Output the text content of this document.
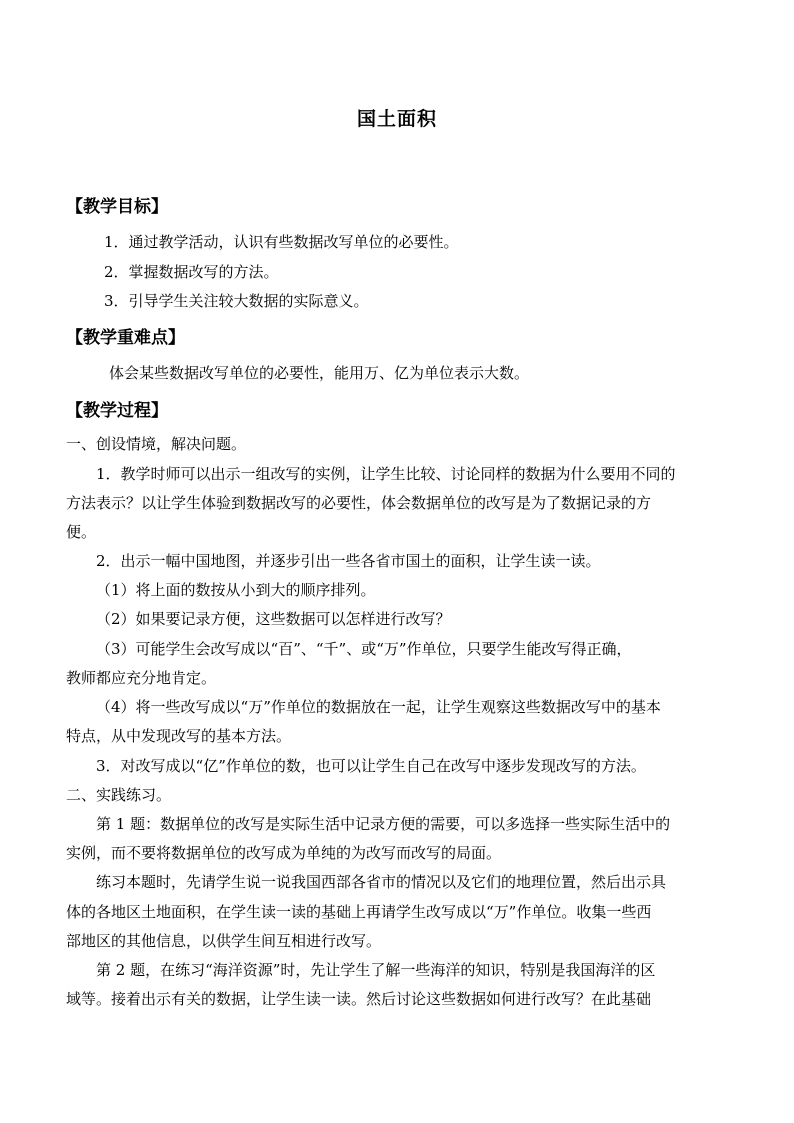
国土面积
【教学目标】
1．通过教学活动，认识有些数据改写单位的必要性。
2．掌握数据改写的方法。
3．引导学生关注较大数据的实际意义。
【教学重难点】
体会某些数据改写单位的必要性，能用万、亿为单位表示大数。
【教学过程】
一、创设情境，解决问题。
1．教学时师可以出示一组改写的实例，让学生比较、讨论同样的数据为什么要用不同的
方法表示？以让学生体验到数据改写的必要性，体会数据单位的改写是为了数据记录的方
便。
2．出示一幅中国地图，并逐步引出一些各省市国土的面积，让学生读一读。
（1）将上面的数按从小到大的顺序排列。
（2）如果要记录方便，这些数据可以怎样进行改写？
（3）可能学生会改写成以“百”、“千”、或“万”作单位，只要学生能改写得正确，
教师都应充分地肯定。
（4）将一些改写成以“万”作单位的数据放在一起，让学生观察这些数据改写中的基本
特点，从中发现改写的基本方法。
3．对改写成以“亿”作单位的数，也可以让学生自己在改写中逐步发现改写的方法。
二、实践练习。
第 1 题：数据单位的改写是实际生活中记录方便的需要，可以多选择一些实际生活中的
实例，而不要将数据单位的改写成为单纯的为改写而改写的局面。
练习本题时，先请学生说一说我国西部各省市的情况以及它们的地理位置，然后出示具
体的各地区土地面积，在学生读一读的基础上再请学生改写成以“万”作单位。收集一些西
部地区的其他信息，以供学生间互相进行改写。
第 2 题，在练习“海洋资源”时，先让学生了解一些海洋的知识，特别是我国海洋的区
域等。接着出示有关的数据，让学生读一读。然后讨论这些数据如何进行改写？在此基础
